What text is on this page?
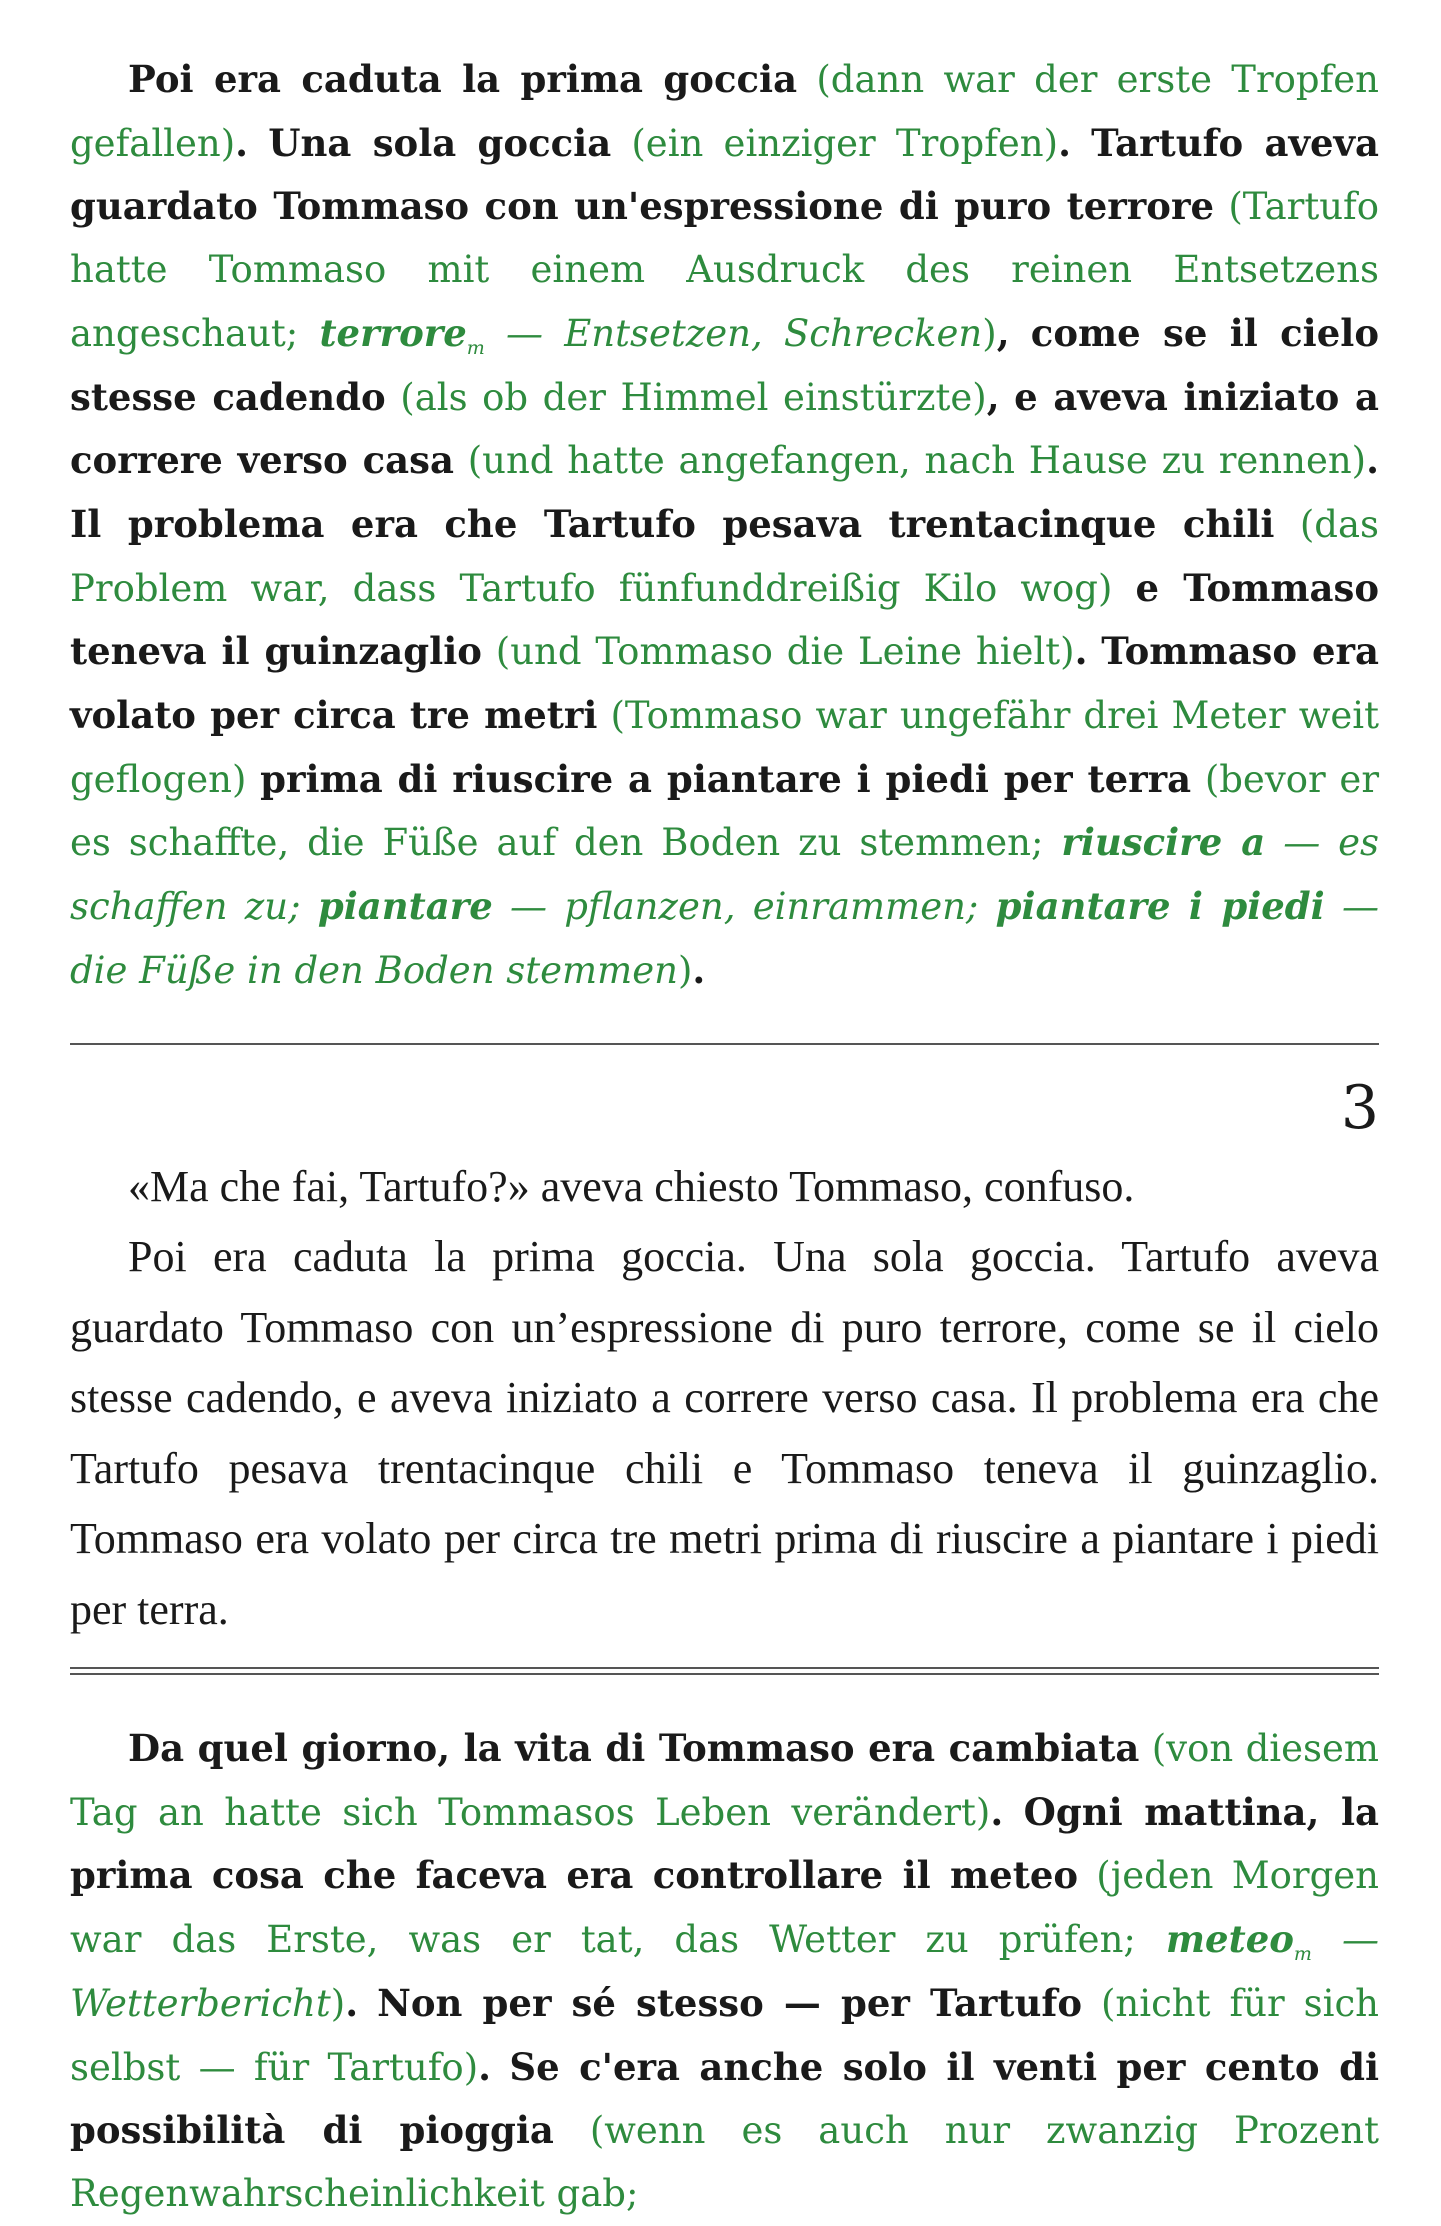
Poi era caduta la prima goccia (dann war der erste Tropfen gefallen). Una sola goccia (ein einziger Tropfen). Tartufo aveva guardato Tommaso con un'espressione di puro terrore (Tartufo hatte Tommaso mit einem Ausdruck des reinen Entsetzens angeschaut; terrore$_m$ — Entsetzen, Schrecken), come se il cielo stesse cadendo (als ob der Himmel einstürzte), e aveva iniziato a correre verso casa (und hatte angefangen, nach Hause zu rennen). Il problema era che Tartufo pesava trentacinque chili (das Problem war, dass Tartufo fünfunddreißig Kilo wog) e Tommaso teneva il guinzaglio (und Tommaso die Leine hielt). Tommaso era volato per circa tre metri (Tommaso war ungefähr drei Meter weit geflogen) prima di riuscire a piantare i piedi per terra (bevor er es schaffte, die Füße auf den Boden zu stemmen; riuscire a — es schaffen zu; piantare — pflanzen, einrammen; piantare i piedi — die Füße in den Boden stemmen).

3

«Ma che fai, Tartufo?» aveva chiesto Tommaso, confuso.

Poi era caduta la prima goccia. Una sola goccia. Tartufo aveva guardato Tommaso con un’espressione di puro terrore, come se il cielo stesse cadendo, e aveva iniziato a correre verso casa. Il problema era che Tartufo pesava trentacinque chili e Tommaso teneva il guinzaglio. Tommaso era volato per circa tre metri prima di riuscire a piantare i piedi per terra.

Da quel giorno, la vita di Tommaso era cambiata (von diesem Tag an hatte sich Tommasos Leben verändert). Ogni mattina, la prima cosa che faceva era controllare il meteo (jeden Morgen war das Erste, was er tat, das Wetter zu prüfen; meteo$_m$ — Wetterbericht). Non per sé stesso — per Tartufo (nicht für sich selbst — für Tartufo). Se c'era anche solo il venti per cento di possibilità di pioggia (wenn es auch nur zwanzig Prozent Regenwahrscheinlichkeit gab;
